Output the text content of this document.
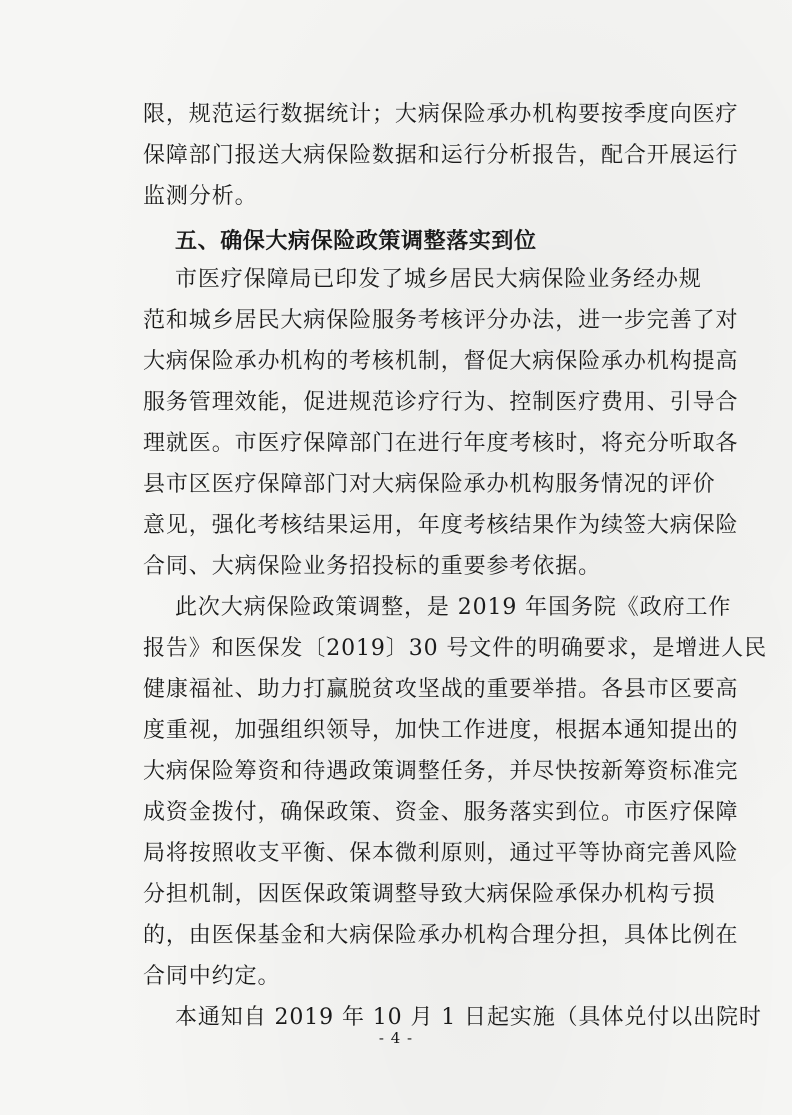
限，规范运行数据统计；大病保险承办机构要按季度向医疗
保障部门报送大病保险数据和运行分析报告，配合开展运行
监测分析。
五、确保大病保险政策调整落实到位
市医疗保障局已印发了城乡居民大病保险业务经办规
范和城乡居民大病保险服务考核评分办法，进一步完善了对
大病保险承办机构的考核机制，督促大病保险承办机构提高
服务管理效能，促进规范诊疗行为、控制医疗费用、引导合
理就医。市医疗保障部门在进行年度考核时，将充分听取各
县市区医疗保障部门对大病保险承办机构服务情况的评价
意见，强化考核结果运用，年度考核结果作为续签大病保险
合同、大病保险业务招投标的重要参考依据。
此次大病保险政策调整，是 2019 年国务院《政府工作
报告》和医保发〔2019〕30 号文件的明确要求，是增进人民
健康福祉、助力打赢脱贫攻坚战的重要举措。各县市区要高
度重视，加强组织领导，加快工作进度，根据本通知提出的
大病保险筹资和待遇政策调整任务，并尽快按新筹资标准完
成资金拨付，确保政策、资金、服务落实到位。市医疗保障
局将按照收支平衡、保本微利原则，通过平等协商完善风险
分担机制，因医保政策调整导致大病保险承保办机构亏损
的，由医保基金和大病保险承办机构合理分担，具体比例在
合同中约定。
本通知自 2019 年 10 月 1 日起实施（具体兑付以出院时
- 4 -
